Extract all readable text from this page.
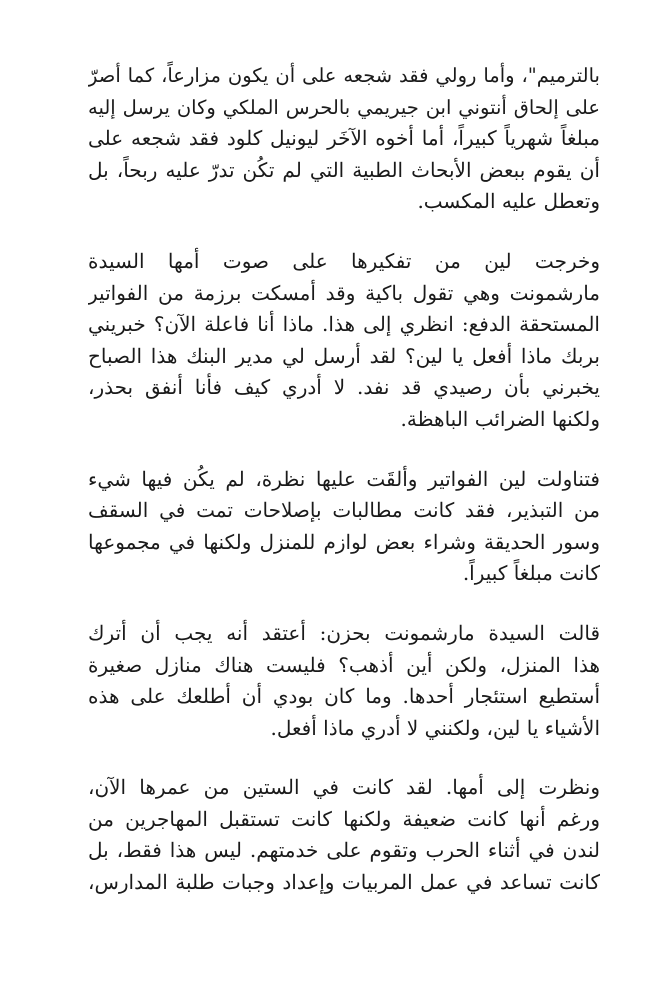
بالترميم"، وأما رولي فقد شجعه على أن يكون مزارعاً، كما أصرّ
على إلحاق أنتوني ابن جيريمي بالحرس الملكي وكان يرسل إليه
مبلغاً شهرياً كبيراً، أما أخوه الآخَر ليونيل كلود فقد شجعه على
أن يقوم ببعض الأبحاث الطبية التي لم تكُن تدرّ عليه ربحاً، بل
وتعطل عليه المكسب.
وخرجت لين من تفكيرها على صوت أمها السيدة
مارشمونت وهي تقول باكية وقد أمسكت برزمة من الفواتير
المستحقة الدفع: انظري إلى هذا. ماذا أنا فاعلة الآن؟ خبريني
بربك ماذا أفعل يا لين؟ لقد أرسل لي مدير البنك هذا الصباح
يخبرني بأن رصيدي قد نفد. لا أدري كيف فأنا أنفق بحذر،
ولكنها الضرائب الباهظة.
فتناولت لين الفواتير وألقَت عليها نظرة، لم يكُن فيها شيء
من التبذير، فقد كانت مطالبات بإصلاحات تمت في السقف
وسور الحديقة وشراء بعض لوازم للمنزل ولكنها في مجموعها
كانت مبلغاً كبيراً.
قالت السيدة مارشمونت بحزن: أعتقد أنه يجب أن أترك
هذا المنزل، ولكن أين أذهب؟ فليست هناك منازل صغيرة
أستطيع استئجار أحدها. وما كان بودي أن أطلعك على هذه
الأشياء يا لين، ولكنني لا أدري ماذا أفعل.
ونظرت إلى أمها. لقد كانت في الستين من عمرها الآن،
ورغم أنها كانت ضعيفة ولكنها كانت تستقبل المهاجرين من
لندن في أثناء الحرب وتقوم على خدمتهم. ليس هذا فقط، بل
كانت تساعد في عمل المربيات وإعداد وجبات طلبة المدارس،
